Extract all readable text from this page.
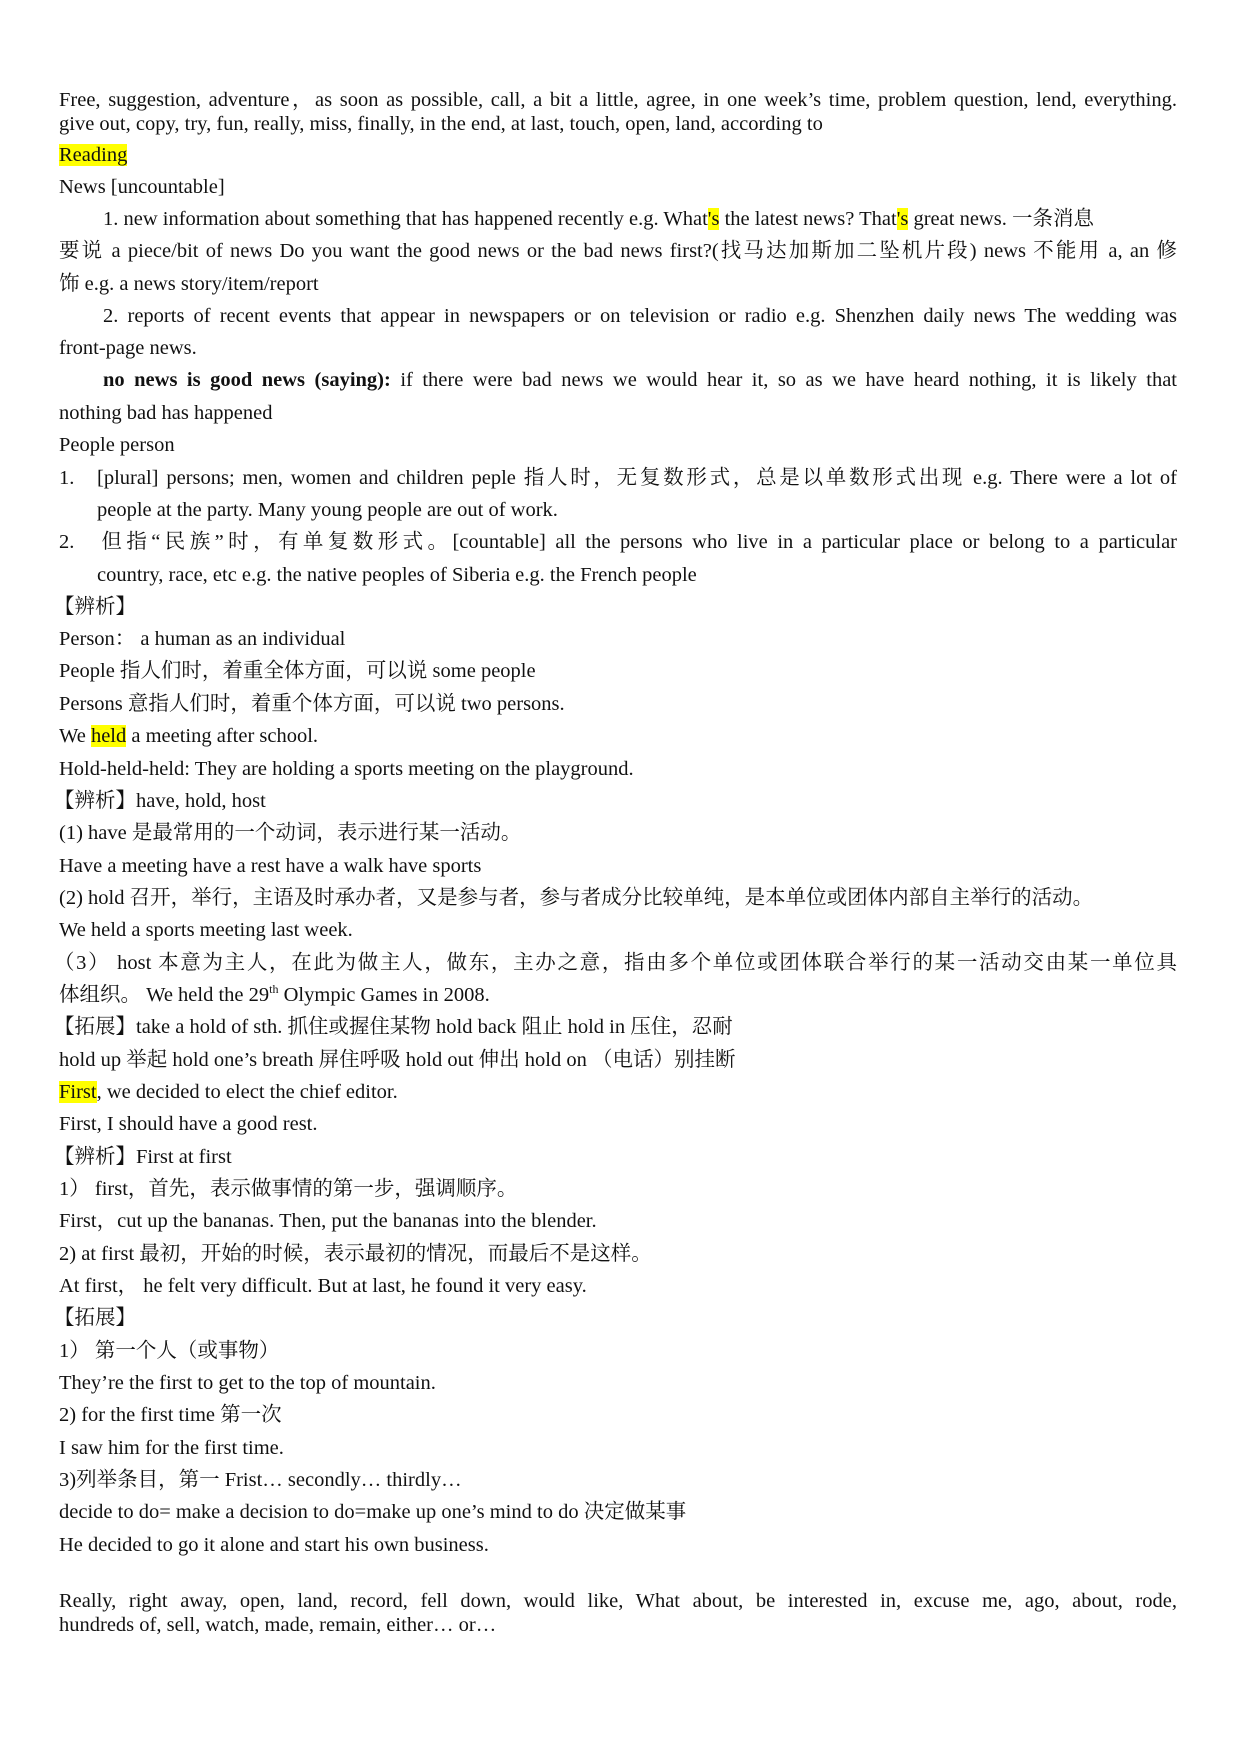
Free, suggestion, adventure，as soon as possible, call, a bit a little, agree, in one week’s time, problem question, lend, everything.
give out, copy, try, fun, really, miss, finally, in the end, at last, touch, open, land, according to
Reading
News [uncountable]
1. new information about something that has happened recently e.g. What's the latest news? That's great news. 一条消息
要说 a piece/bit of news Do you want the good news or the bad news first?(找马达加斯加二坠机片段) news 不能用 a, an 修
饰 e.g. a news story/item/report
2. reports of recent events that appear in newspapers or on television or radio e.g. Shenzhen daily news The wedding was
front-page news.
no news is good news (saying): if there were bad news we would hear it, so as we have heard nothing, it is likely that
nothing bad has happened
People person
1. [plural] persons; men, women and children peple 指人时，无复数形式，总是以单数形式出现 e.g. There were a lot of
people at the party. Many young people are out of work.
2. 但指“民族”时，有单复数形式。[countable] all the persons who live in a particular place or belong to a particular
country, race, etc e.g. the native peoples of Siberia e.g. the French people
【辨析】
Person： a human as an individual
People 指人们时，着重全体方面，可以说 some people
Persons 意指人们时，着重个体方面，可以说 two persons.
We held a meeting after school.
Hold-held-held: They are holding a sports meeting on the playground.
【辨析】have, hold, host
(1) have 是最常用的一个动词，表示进行某一活动。
Have a meeting have a rest have a walk have sports
(2) hold 召开，举行，主语及时承办者，又是参与者，参与者成分比较单纯，是本单位或团体内部自主举行的活动。
We held a sports meeting last week.
（3） host 本意为主人，在此为做主人，做东，主办之意，指由多个单位或团体联合举行的某一活动交由某一单位具
体组织。 We held the 29th Olympic Games in 2008.
【拓展】take a hold of sth. 抓住或握住某物 hold back 阻止 hold in 压住，忍耐
hold up 举起 hold one’s breath 屏住呼吸 hold out 伸出 hold on （电话）别挂断
First, we decided to elect the chief editor.
First, I should have a good rest.
【辨析】First at first
1） first，首先，表示做事情的第一步，强调顺序。
First，cut up the bananas. Then, put the bananas into the blender.
2) at first 最初，开始的时候，表示最初的情况，而最后不是这样。
At first， he felt very difficult. But at last, he found it very easy.
【拓展】
1） 第一个人（或事物）
They’re the first to get to the top of mountain.
2) for the first time 第一次
I saw him for the first time.
3)列举条目，第一 Frist… secondly… thirdly…
decide to do= make a decision to do=make up one’s mind to do 决定做某事
He decided to go it alone and start his own business.
Really, right away, open, land, record, fell down, would like, What about, be interested in, excuse me, ago, about, rode,
hundreds of, sell, watch, made, remain, either… or…
